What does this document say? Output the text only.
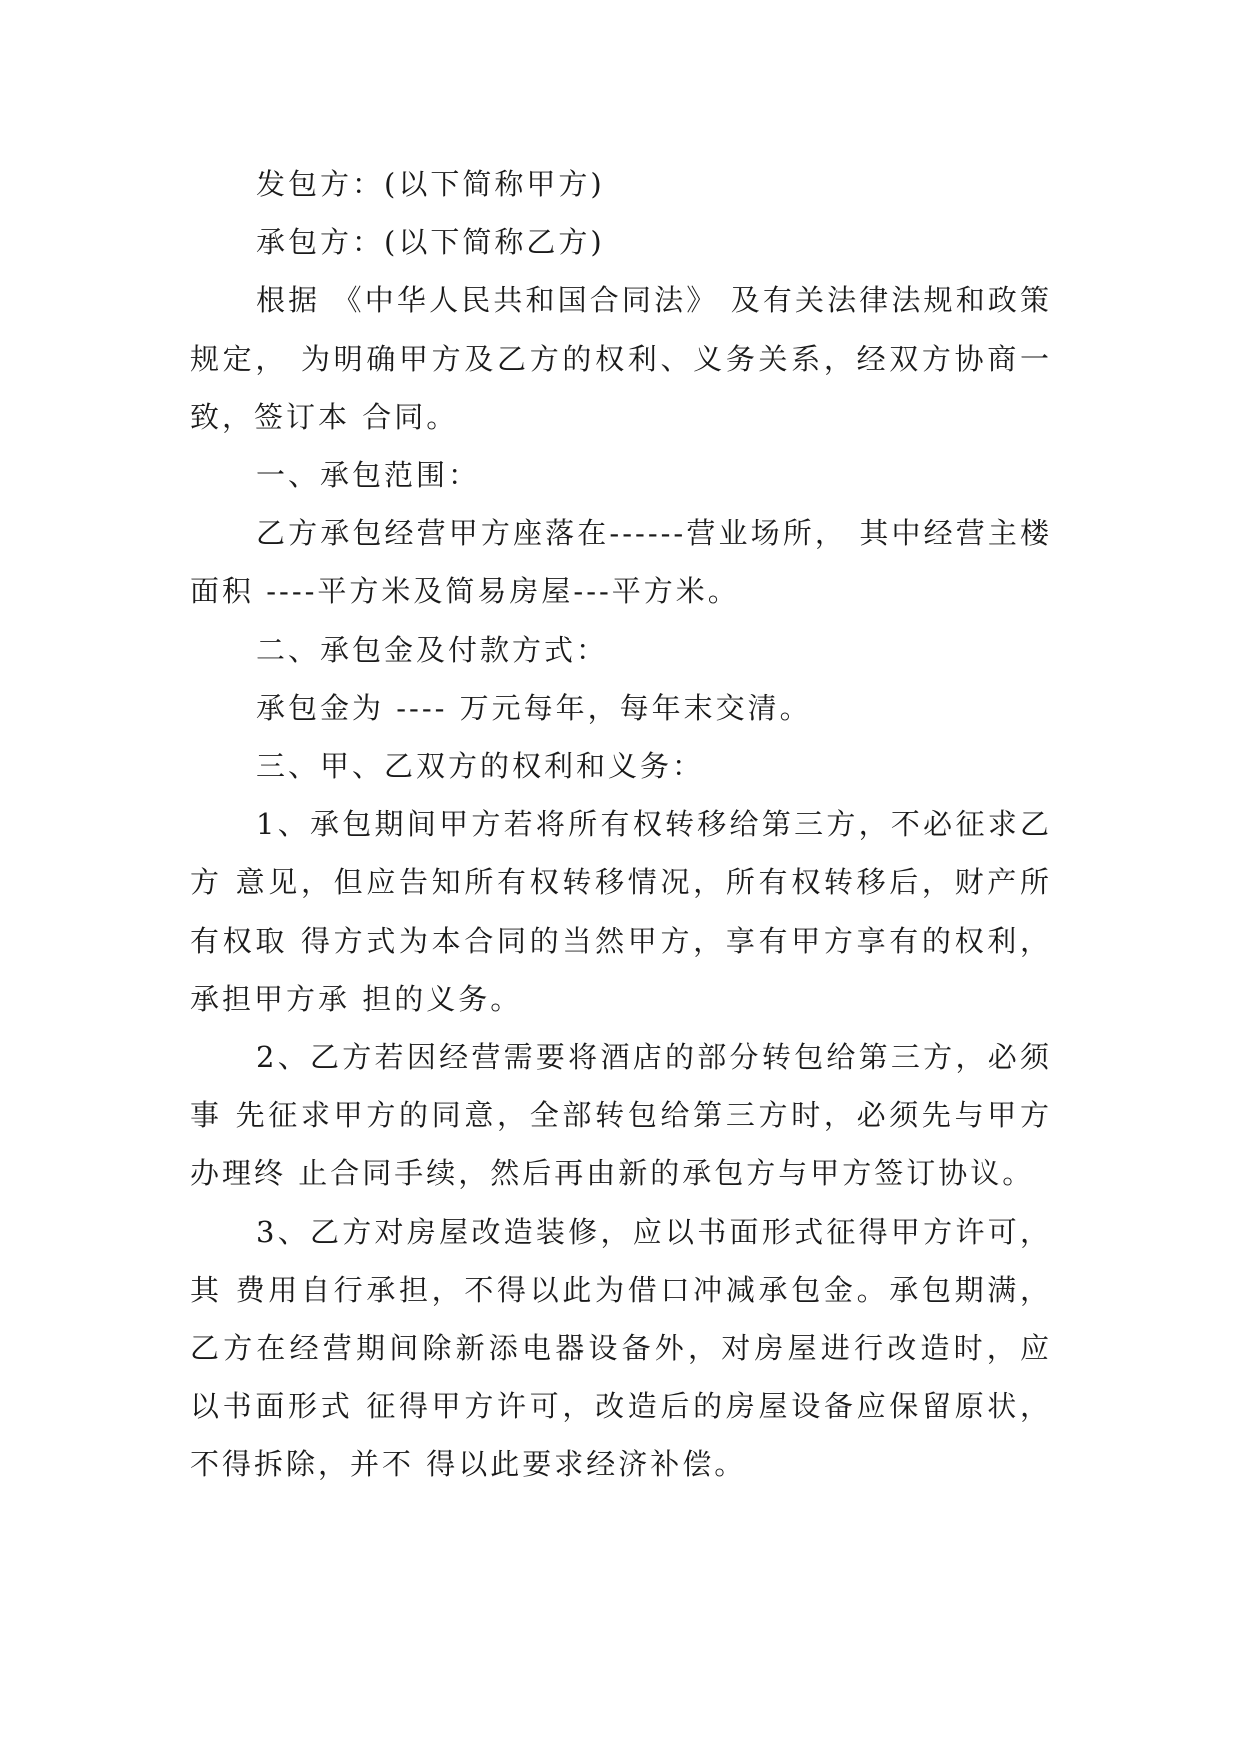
发包方：(以下简称甲方)

承包方：(以下简称乙方)

根据 《中华人民共和国合同法》 及有关法律法规和政策规定， 为明确甲方及乙方的权利、义务关系，经双方协商一致，签订本 合同。

一、承包范围：

乙方承包经营甲方座落在------营业场所， 其中经营主楼面积 ----平方米及简易房屋---平方米。

二、承包金及付款方式：

承包金为 ---- 万元每年，每年末交清。

三、甲、乙双方的权利和义务：

1、承包期间甲方若将所有权转移给第三方，不必征求乙方 意见，但应告知所有权转移情况，所有权转移后，财产所有权取 得方式为本合同的当然甲方，享有甲方享有的权利，承担甲方承 担的义务。

2、乙方若因经营需要将酒店的部分转包给第三方，必须事 先征求甲方的同意，全部转包给第三方时，必须先与甲方办理终 止合同手续，然后再由新的承包方与甲方签订协议。

3、乙方对房屋改造装修，应以书面形式征得甲方许可，其 费用自行承担，不得以此为借口冲减承包金。承包期满，乙方在经营期间除新添电器设备外，对房屋进行改造时，应以书面形式 征得甲方许可，改造后的房屋设备应保留原状，不得拆除，并不 得以此要求经济补偿。
